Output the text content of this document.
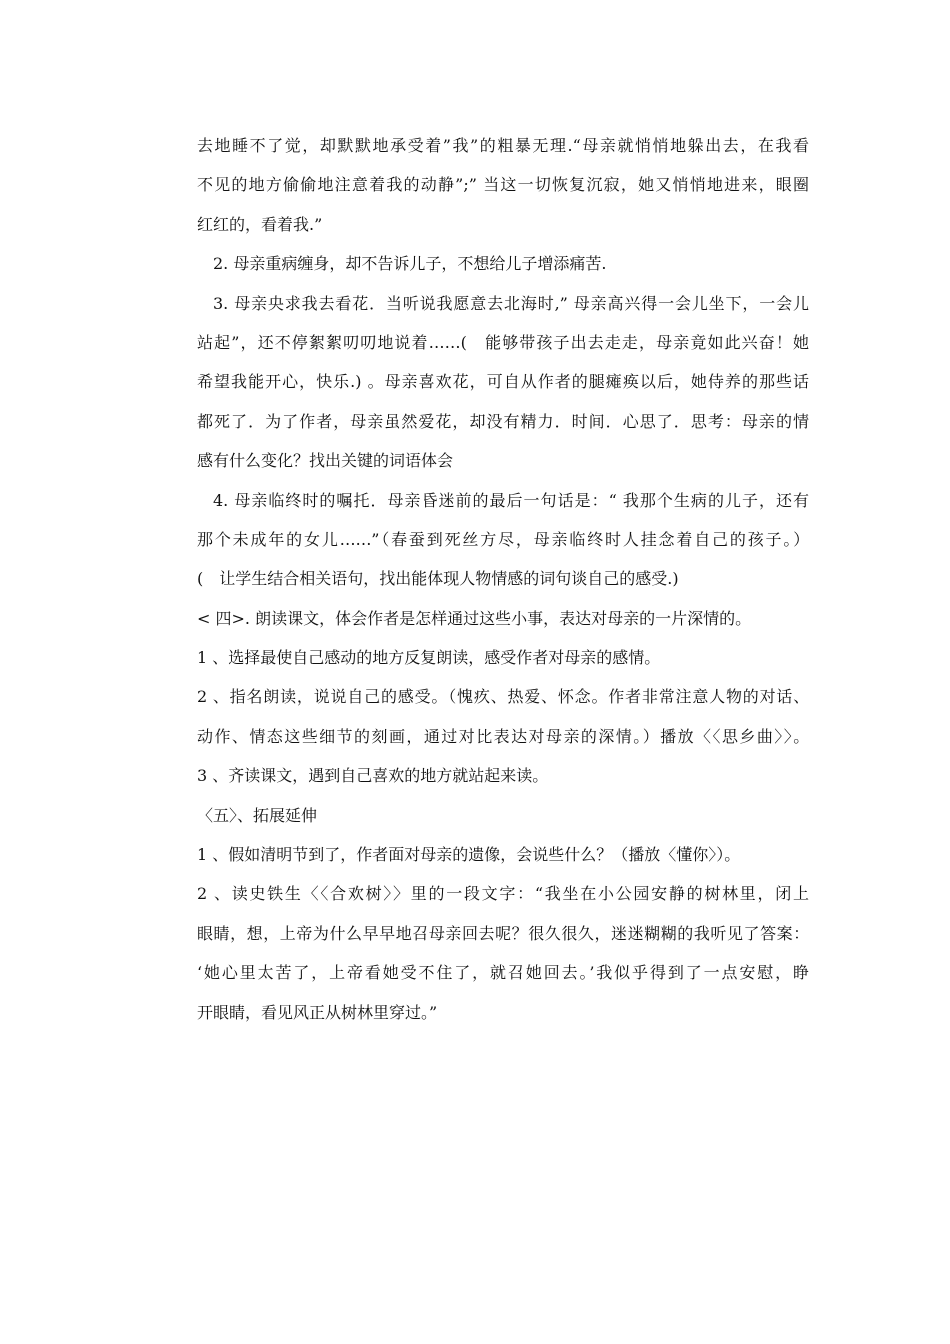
去地睡不了觉，却默默地承受着”我”的粗暴无理.“母亲就悄悄地躲出去，在我看
不见的地方偷偷地注意着我的动静”;” 当这一切恢复沉寂，她又悄悄地进来，眼圈
红红的，看着我.”
2. 母亲重病缠身，却不告诉儿子，不想给儿子增添痛苦.
3. 母亲央求我去看花．当听说我愿意去北海时,” 母亲高兴得一会儿坐下，一会儿
站起”，还不停絮絮叨叨地说着……(　能够带孩子出去走走，母亲竟如此兴奋！她
希望我能开心，快乐.) 。母亲喜欢花，可自从作者的腿瘫痪以后，她侍养的那些话
都死了．为了作者，母亲虽然爱花，却没有精力．时间．心思了．思考：母亲的情
感有什么变化？找出关键的词语体会
4. 母亲临终时的嘱托．母亲昏迷前的最后一句话是：“ 我那个生病的儿子，还有
那个未成年的女儿……”（春蚕到死丝方尽，母亲临终时人挂念着自己的孩子。）
(　让学生结合相关语句，找出能体现人物情感的词句谈自己的感受.)
< 四>. 朗读课文，体会作者是怎样通过这些小事，表达对母亲的一片深情的。
1 、选择最使自己感动的地方反复朗读，感受作者对母亲的感情。
2 、指名朗读，说说自己的感受。（愧疚、热爱、怀念。作者非常注意人物的对话、
动作、情态这些细节的刻画，通过对比表达对母亲的深情。）播放〈〈思乡曲〉〉。
3 、齐读课文，遇到自己喜欢的地方就站起来读。
〈五〉、拓展延伸
1 、假如清明节到了，作者面对母亲的遗像，会说些什么？（播放〈懂你〉）。
2 、读史铁生〈〈合欢树〉〉里的一段文字：“我坐在小公园安静的树林里，闭上
眼睛，想，上帝为什么早早地召母亲回去呢？很久很久，迷迷糊糊的我听见了答案：
‘她心里太苦了，上帝看她受不住了，就召她回去。’我似乎得到了一点安慰，睁
开眼睛，看见风正从树林里穿过。”
